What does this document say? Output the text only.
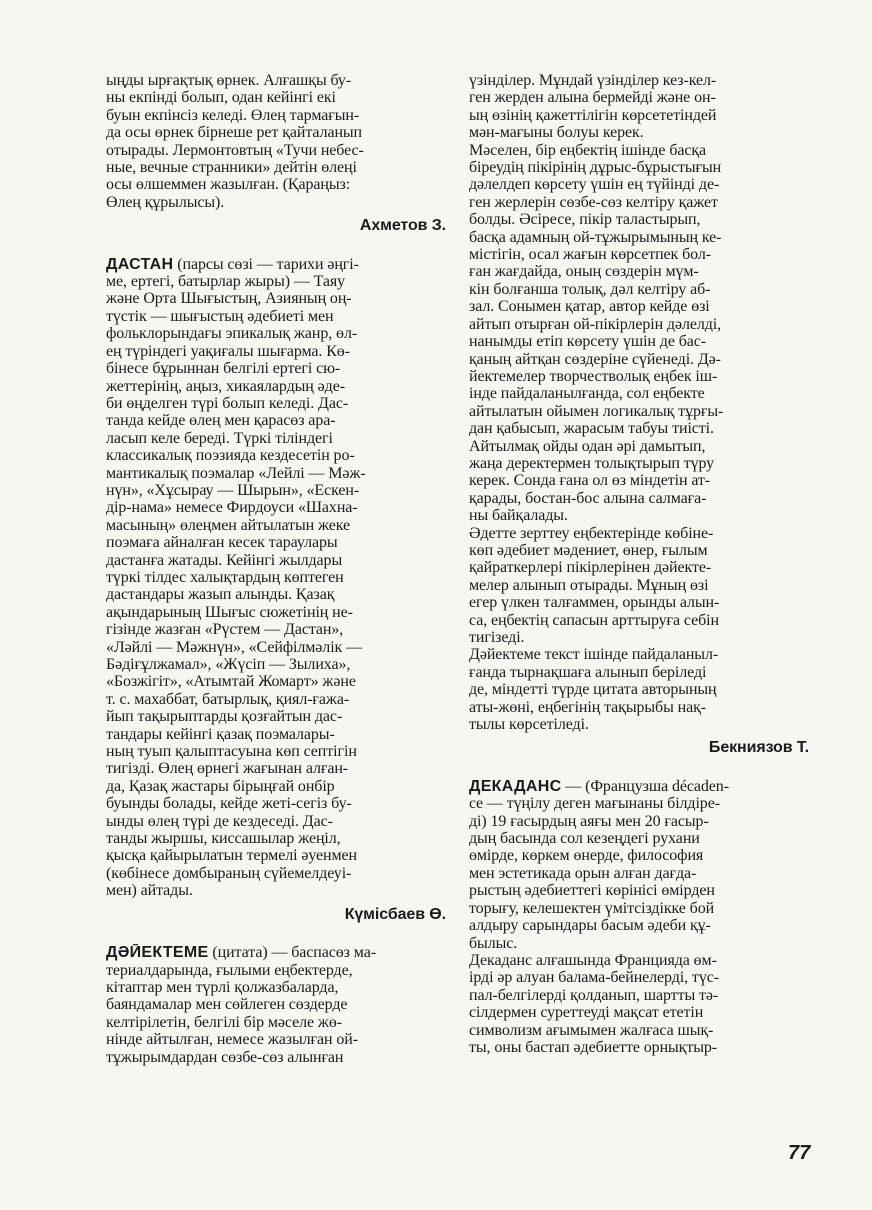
ыңды ырғақтық өрнек. Алғашқы бу-
ны екпінді болып, одан кейінгі екі
буын екпінсіз келеді. Өлең тармағын-
да осы өрнек бірнеше рет қайталанып
отырады. Лермонтовтың «Тучи небес-
ные, вечные странники» дейтін өлеңі
осы өлшеммен жазылған. (Қараңыз:
Өлең құрылысы).
Ахметов З.
ДАСТАН (парсы сөзі — тарихи әңгі-
ме, ертегі, батырлар жыры) — Таяу
және Орта Шығыстың, Азияның оң-
түстік — шығыстың әдебиеті мен
фольклорындағы эпикалық жанр, өл-
ең түріндегі уақиғалы шығарма. Кө-
бінесе бұрыннан белгілі ертегі сю-
жеттерінің, аңыз, хикаялардың әде-
би өңделген түрі болып келеді. Дас-
танда кейде өлең мен қарасөз ара-
ласып келе береді. Түркі тіліндегі
классикалық поэзияда кездесетін ро-
мантикалық поэмалар «Лейлі — Мәж-
нүн», «Хұсырау — Шырын», «Ескен-
дір-нама» немесе Фирдоуси «Шахна-
масының» өлеңмен айтылатын жеке
поэмаға айналған кесек тараулары
дастанға жатады. Кейінгі жылдары
түркі тілдес халықтардың көптеген
дастандары жазып алынды. Қазақ
ақындарының Шығыс сюжетінің не-
гізінде жазған «Рүстем — Дастан»,
«Ләйлі — Мәжнүн», «Сейфілмәлік —
Бәдіғұлжамал», «Жүсіп — Зылиха»,
«Бозжігіт», «Атымтай Жомарт» және
т. с. махаббат, батырлық, қиял-ғажа-
йып тақырыптарды қозғайтын дас-
тандары кейінгі қазақ поэмалары-
ның туып қалыптасуына көп септігін
тигізді. Өлең өрнегі жағынан алған-
да, Қазақ жастары бірыңғай онбір
буынды болады, кейде жеті-сегіз бу-
ынды өлең түрі де кездеседі. Дас-
танды жыршы, киссашылар жеңіл,
қысқа қайырылатын термелі әуенмен
(көбінесе домбыраның сүйемелдеуі-
мен) айтады.
Күмісбаев Ө.
ДӘЙЕКТЕМЕ (цитата) — баспасөз ма-
териалдарында, ғылыми еңбектерде,
кітаптар мен түрлі қолжазбаларда,
баяндамалар мен сөйлеген сөздерде
келтірілетін, белгілі бір мәселе жө-
нінде айтылған, немесе жазылған ой-
тұжырымдардан сөзбе-сөз алынған
үзінділер. Мұндай үзінділер кез-кел-
ген жерден алына бермейді және он-
ың өзінің қажеттілігін көрсететіндей
мән-мағыны болуы керек.
Мәселен, бір еңбектің ішінде басқа
біреудің пікірінің дұрыс-бұрыстығын
дәлелдеп көрсету үшін ең түйінді де-
ген жерлерін сөзбе-сөз келтіру қажет
болды. Әсіресе, пікір таластырып,
басқа адамның ой-тұжырымының ке-
містігін, осал жағын көрсетпек бол-
ған жағдайда, оның сөздерін мүм-
кін болғанша толық, дәл келтіру аб-
зал. Сонымен қатар, автор кейде өзі
айтып отырған ой-пікірлерін дәлелді,
нанымды етіп көрсету үшін де бас-
қаның айтқан сөздеріне сүйенеді. Дә-
йектемелер творчестволық еңбек іш-
інде пайдаланылғанда, сол еңбекте
айтылатын ойымен логикалық тұрғы-
дан қабысып, жарасым табуы тиісті.
Айтылмақ ойды одан әрі дамытып,
жаңа деректермен толықтырып түру
керек. Сонда ғана ол өз міндетін ат-
қарады, бостан-бос алына салмаға-
ны байқалады.
Әдетте зерттеу еңбектерінде көбіне-
көп әдебиет мәдениет, өнер, ғылым
қайраткерлері пікірлерінен дәйекте-
мелер алынып отырады. Мұның өзі
егер үлкен талғаммен, орынды алын-
са, еңбектің сапасын арттыруға себін
тигізеді.
Дәйектеме текст ішінде пайдаланыл-
ғанда тырнақшаға алынып беріледі
де, міндетті түрде цитата авторының
аты-жөні, еңбегінің тақырыбы нақ-
тылы көрсетіледі.
Бекниязов Т.
ДЕКАДАНС — (Французша décaden-
ce — түңілу деген мағынаны білдіре-
ді) 19 ғасырдың аяғы мен 20 ғасыр-
дың басында сол кезеңдегі рухани
өмірде, көркем өнерде, философия
мен эстетикада орын алған дағда-
рыстың әдебиеттегі көрінісі өмірден
торығу, келешектен үмітсіздікке бой
алдыру сарындары басым әдеби құ-
былыс.
Декаданс алғашында Францияда өм-
ірді әр алуан балама-бейнелерді, түс-
пал-белгілерді қолданып, шартты тә-
сілдермен суреттеуді мақсат ететін
символизм ағымымен жалғаса шық-
ты, оны бастап әдебиетте орнықтыр-
77
